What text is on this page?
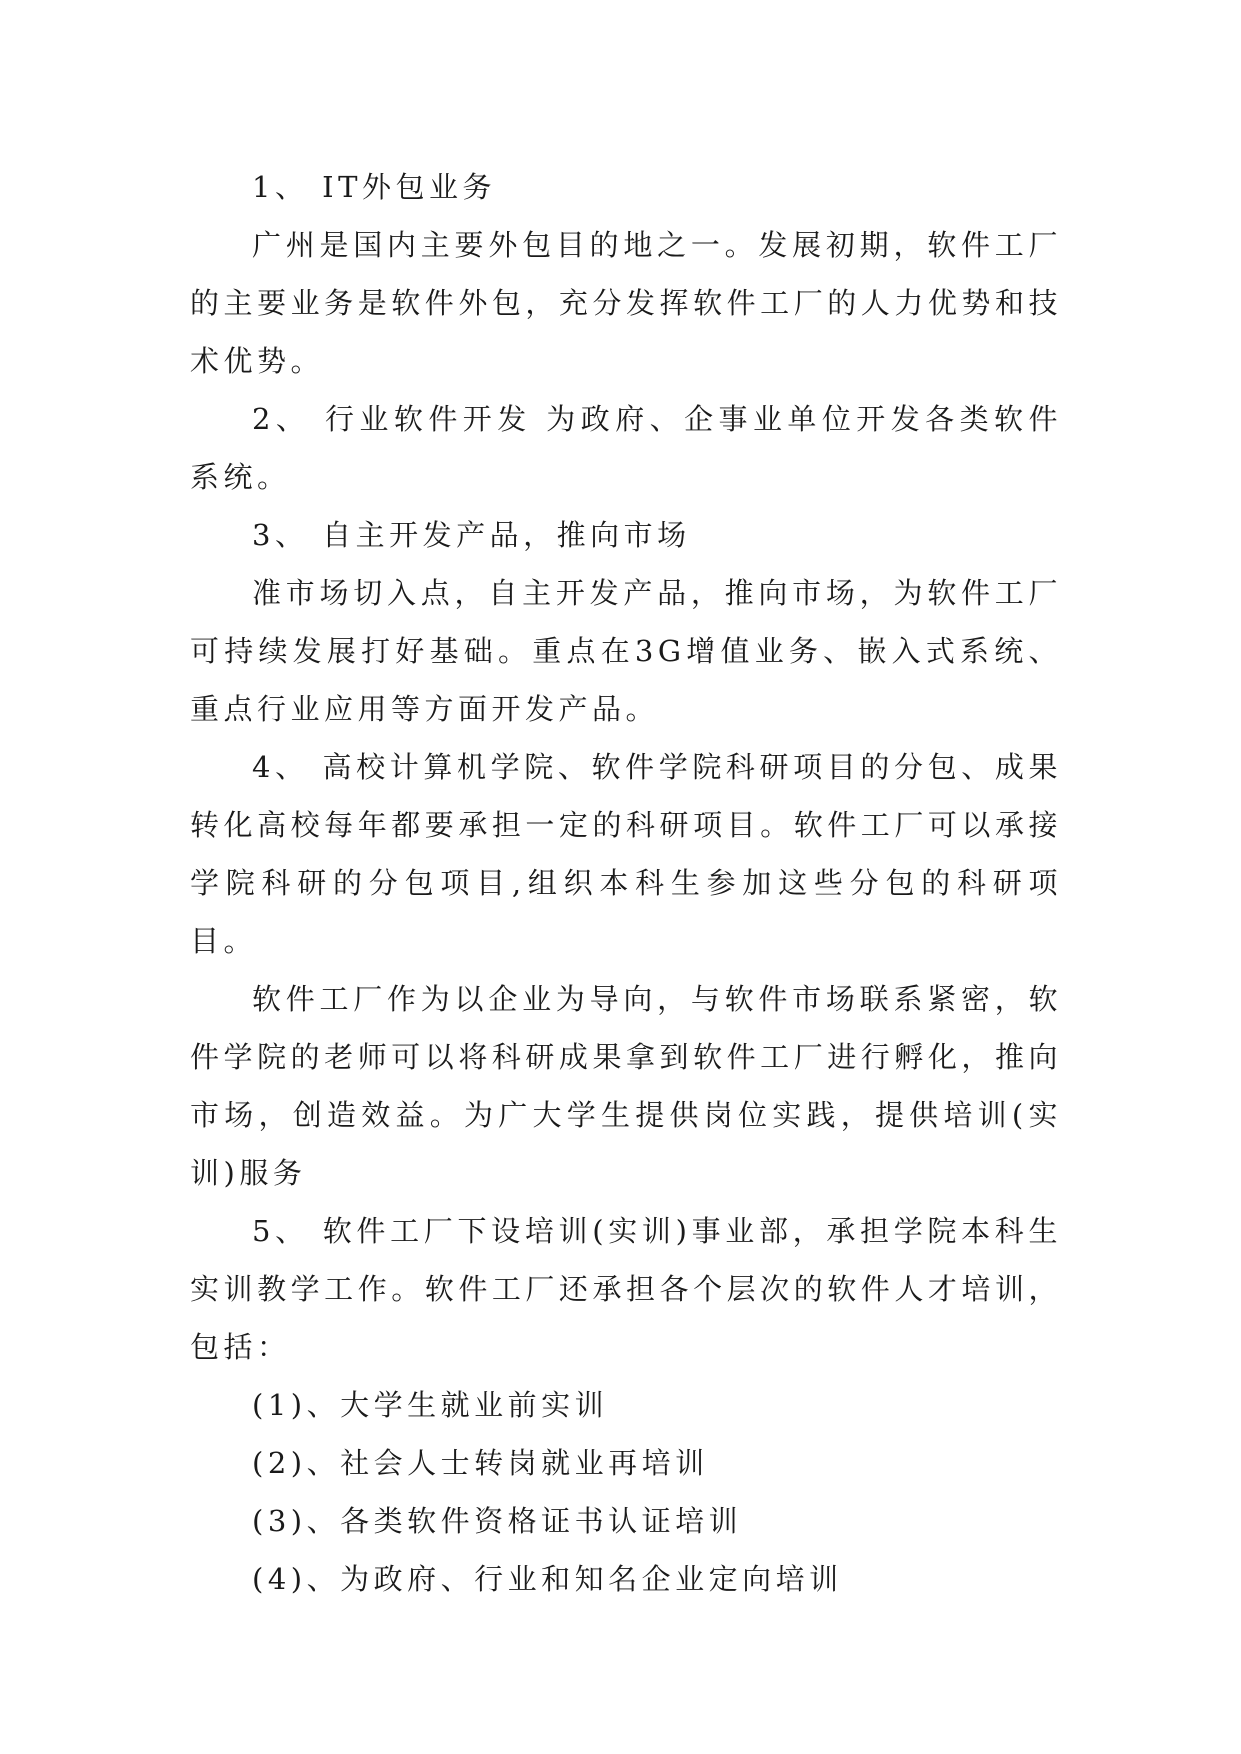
1、 IT外包业务

广州是国内主要外包目的地之一。发展初期，软件工厂的主要业务是软件外包，充分发挥软件工厂的人力优势和技术优势。

2、 行业软件开发 为政府、企事业单位开发各类软件系统。

3、 自主开发产品，推向市场

准市场切入点，自主开发产品，推向市场，为软件工厂可持续发展打好基础。重点在3G增值业务、嵌入式系统、重点行业应用等方面开发产品。

4、 高校计算机学院、软件学院科研项目的分包、成果转化高校每年都要承担一定的科研项目。软件工厂可以承接学院科研的分包项目,组织本科生参加这些分包的科研项目。

软件工厂作为以企业为导向，与软件市场联系紧密，软件学院的老师可以将科研成果拿到软件工厂进行孵化，推向市场，创造效益。为广大学生提供岗位实践，提供培训(实训)服务

5、 软件工厂下设培训(实训)事业部，承担学院本科生实训教学工作。软件工厂还承担各个层次的软件人才培训，包括：

(1)、大学生就业前实训

(2)、社会人士转岗就业再培训

(3)、各类软件资格证书认证培训

(4)、为政府、行业和知名企业定向培训
